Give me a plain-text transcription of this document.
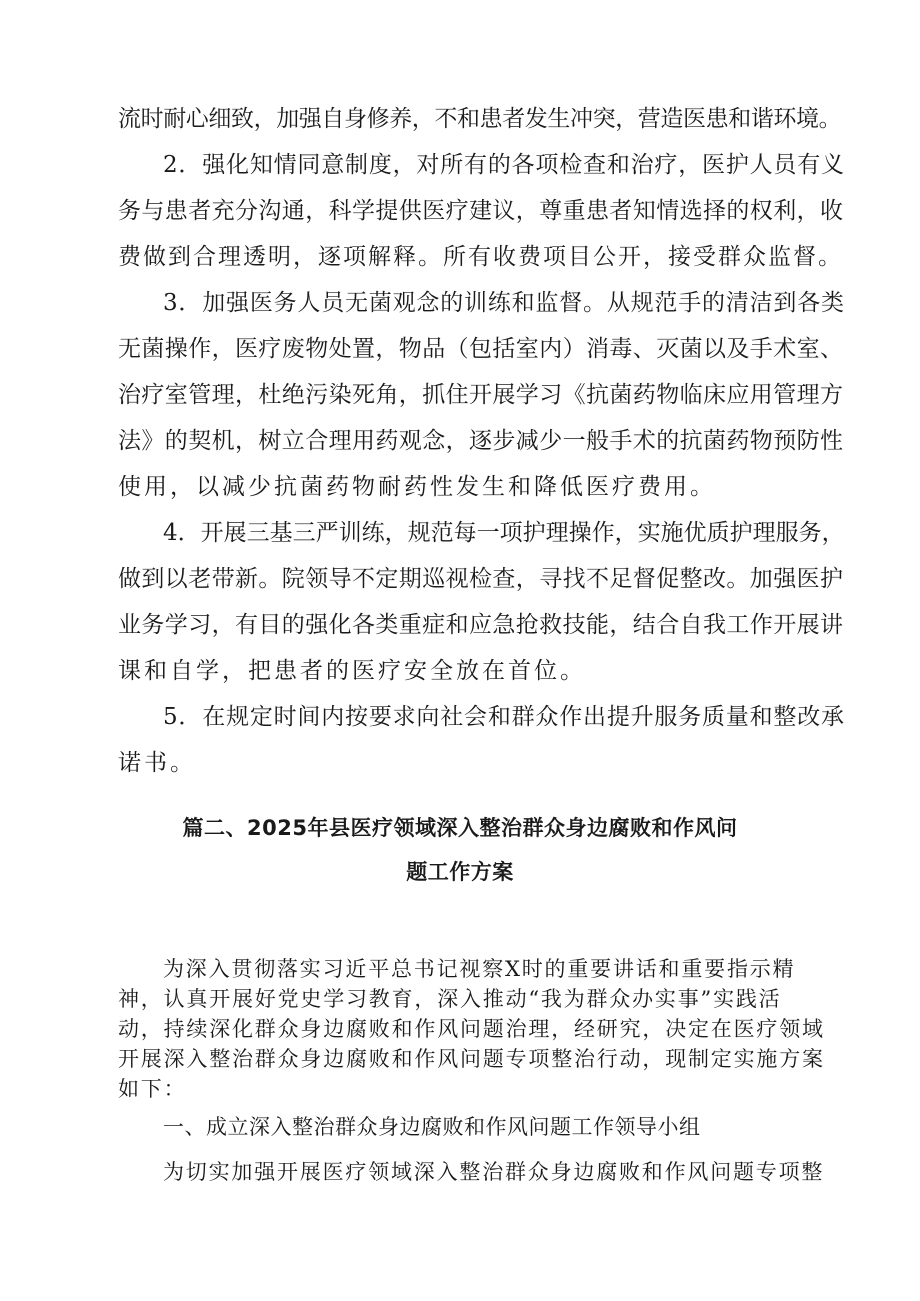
流时耐心细致，加强自身修养，不和患者发生冲突，营造医患和谐环境。
2．强化知情同意制度，对所有的各项检查和治疗，医护人员有义
务与患者充分沟通，科学提供医疗建议，尊重患者知情选择的权利，收
费做到合理透明，逐项解释。所有收费项目公开，接受群众监督。
3．加强医务人员无菌观念的训练和监督。从规范手的清洁到各类
无菌操作，医疗废物处置，物品（包括室内）消毒、灭菌以及手术室、
治疗室管理，杜绝污染死角，抓住开展学习《抗菌药物临床应用管理方
法》的契机，树立合理用药观念，逐步减少一般手术的抗菌药物预防性
使用，以减少抗菌药物耐药性发生和降低医疗费用。
4．开展三基三严训练，规范每一项护理操作，实施优质护理服务，
做到以老带新。院领导不定期巡视检查，寻找不足督促整改。加强医护
业务学习，有目的强化各类重症和应急抢救技能，结合自我工作开展讲
课和自学，把患者的医疗安全放在首位。
5．在规定时间内按要求向社会和群众作出提升服务质量和整改承
诺书。
篇二、2025年县医疗领域深入整治群众身边腐败和作风问
题工作方案
为深入贯彻落实习近平总书记视察X时的重要讲话和重要指示精
神，认真开展好党史学习教育，深入推动“我为群众办实事”实践活
动，持续深化群众身边腐败和作风问题治理，经研究，决定在医疗领域
开展深入整治群众身边腐败和作风问题专项整治行动，现制定实施方案
如下：
一、成立深入整治群众身边腐败和作风问题工作领导小组
为切实加强开展医疗领域深入整治群众身边腐败和作风问题专项整
